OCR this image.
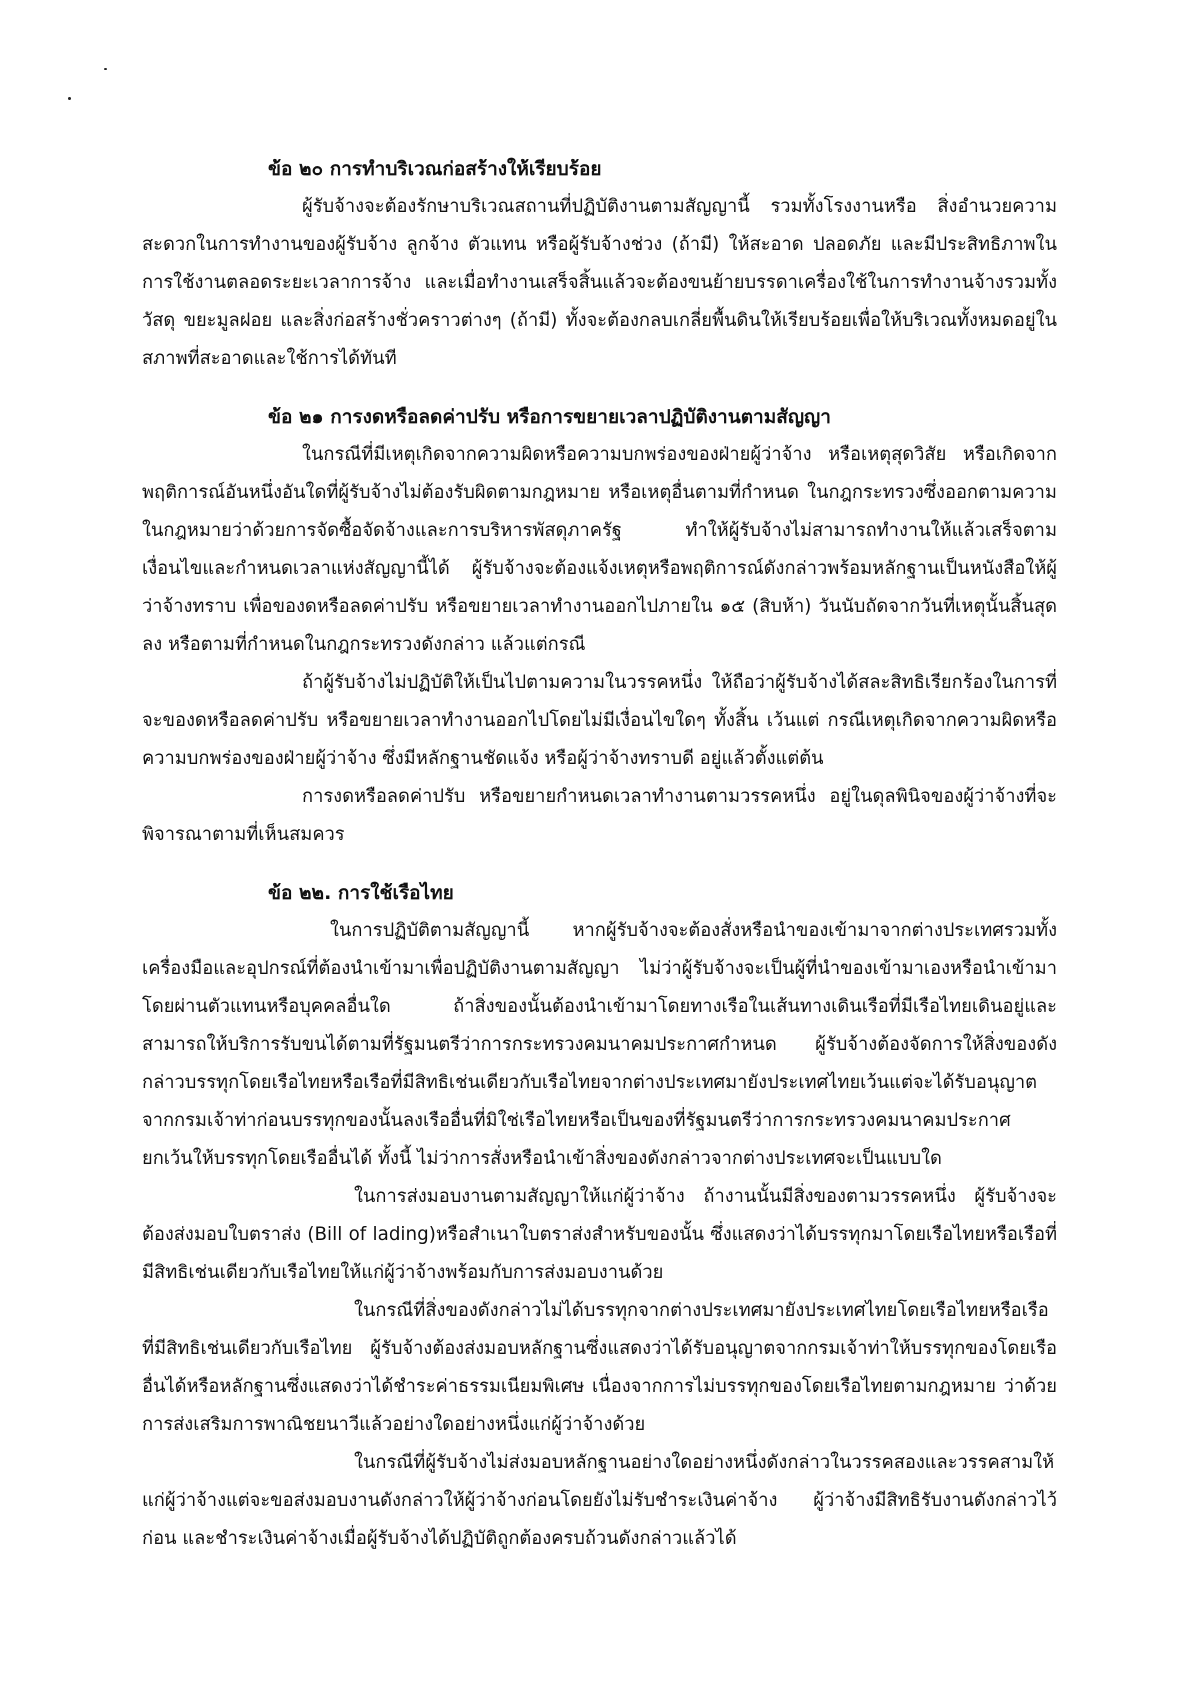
ข้อ ๒๐ การทำบริเวณก่อสร้างให้เรียบร้อย

ผู้รับจ้างจะต้องรักษาบริเวณสถานที่ปฏิบัติงานตามสัญญานี้ รวมทั้งโรงงานหรือ สิ่งอำนวยความสะดวกในการทำงานของผู้รับจ้าง ลูกจ้าง ตัวแทน หรือผู้รับจ้างช่วง (ถ้ามี) ให้สะอาด ปลอดภัย และมีประสิทธิภาพในการใช้งานตลอดระยะเวลาการจ้าง และเมื่อทำงานเสร็จสิ้นแล้วจะต้องขนย้ายบรรดาเครื่องใช้ในการทำงานจ้างรวมทั้งวัสดุ ขยะมูลฝอย และสิ่งก่อสร้างชั่วคราวต่างๆ (ถ้ามี) ทั้งจะต้องกลบเกลี่ยพื้นดินให้เรียบร้อยเพื่อให้บริเวณทั้งหมดอยู่ในสภาพที่สะอาดและใช้การได้ทันที

ข้อ ๒๑ การงดหรือลดค่าปรับ หรือการขยายเวลาปฏิบัติงานตามสัญญา

ในกรณีที่มีเหตุเกิดจากความผิดหรือความบกพร่องของฝ่ายผู้ว่าจ้าง หรือเหตุสุดวิสัย หรือเกิดจากพฤติการณ์อันหนึ่งอันใดที่ผู้รับจ้างไม่ต้องรับผิดตามกฎหมาย หรือเหตุอื่นตามที่กำหนด ในกฎกระทรวงซึ่งออกตามความในกฎหมายว่าด้วยการจัดซื้อจัดจ้างและการบริหารพัสดุภาครัฐ ทำให้ผู้รับจ้างไม่สามารถทำงานให้แล้วเสร็จตามเงื่อนไขและกำหนดเวลาแห่งสัญญานี้ได้ ผู้รับจ้างจะต้องแจ้งเหตุหรือพฤติการณ์ดังกล่าวพร้อมหลักฐานเป็นหนังสือให้ผู้ว่าจ้างทราบ เพื่อของดหรือลดค่าปรับ หรือขยายเวลาทำงานออกไปภายใน ๑๕ (สิบห้า) วันนับถัดจากวันที่เหตุนั้นสิ้นสุดลง หรือตามที่กำหนดในกฎกระทรวงดังกล่าว แล้วแต่กรณี

ถ้าผู้รับจ้างไม่ปฏิบัติให้เป็นไปตามความในวรรคหนึ่ง ให้ถือว่าผู้รับจ้างได้สละสิทธิเรียกร้องในการที่จะของดหรือลดค่าปรับ หรือขยายเวลาทำงานออกไปโดยไม่มีเงื่อนไขใดๆ ทั้งสิ้น เว้นแต่ กรณีเหตุเกิดจากความผิดหรือความบกพร่องของฝ่ายผู้ว่าจ้าง ซึ่งมีหลักฐานชัดแจ้ง หรือผู้ว่าจ้างทราบดี อยู่แล้วตั้งแต่ต้น

การงดหรือลดค่าปรับ หรือขยายกำหนดเวลาทำงานตามวรรคหนึ่ง อยู่ในดุลพินิจของผู้ว่าจ้างที่จะพิจารณาตามที่เห็นสมควร

ข้อ ๒๒. การใช้เรือไทย

ในการปฏิบัติตามสัญญานี้ หากผู้รับจ้างจะต้องสั่งหรือนำของเข้ามาจากต่างประเทศรวมทั้งเครื่องมือและอุปกรณ์ที่ต้องนำเข้ามาเพื่อปฏิบัติงานตามสัญญา ไม่ว่าผู้รับจ้างจะเป็นผู้ที่นำของเข้ามาเองหรือนำเข้ามาโดยผ่านตัวแทนหรือบุคคลอื่นใด ถ้าสิ่งของนั้นต้องนำเข้ามาโดยทางเรือในเส้นทางเดินเรือที่มีเรือไทยเดินอยู่และสามารถให้บริการรับขนได้ตามที่รัฐมนตรีว่าการกระทรวงคมนาคมประกาศกำหนด ผู้รับจ้างต้องจัดการให้สิ่งของดังกล่าวบรรทุกโดยเรือไทยหรือเรือที่มีสิทธิเช่นเดียวกับเรือไทยจากต่างประเทศมายังประเทศไทยเว้นแต่จะได้รับอนุญาตจากกรมเจ้าท่าก่อนบรรทุกของนั้นลงเรืออื่นที่มิใช่เรือไทยหรือเป็นของที่รัฐมนตรีว่าการกระทรวงคมนาคมประกาศยกเว้นให้บรรทุกโดยเรืออื่นได้ ทั้งนี้ ไม่ว่าการสั่งหรือนำเข้าสิ่งของดังกล่าวจากต่างประเทศจะเป็นแบบใด

ในการส่งมอบงานตามสัญญาให้แก่ผู้ว่าจ้าง ถ้างานนั้นมีสิ่งของตามวรรคหนึ่ง ผู้รับจ้างจะต้องส่งมอบใบตราส่ง (Bill of lading)หรือสำเนาใบตราส่งสำหรับของนั้น ซึ่งแสดงว่าได้บรรทุกมาโดยเรือไทยหรือเรือที่มีสิทธิเช่นเดียวกับเรือไทยให้แก่ผู้ว่าจ้างพร้อมกับการส่งมอบงานด้วย

ในกรณีที่สิ่งของดังกล่าวไม่ได้บรรทุกจากต่างประเทศมายังประเทศไทยโดยเรือไทยหรือเรือที่มีสิทธิเช่นเดียวกับเรือไทย ผู้รับจ้างต้องส่งมอบหลักฐานซึ่งแสดงว่าได้รับอนุญาตจากกรมเจ้าท่าให้บรรทุกของโดยเรืออื่นได้หรือหลักฐานซึ่งแสดงว่าได้ชำระค่าธรรมเนียมพิเศษ เนื่องจากการไม่บรรทุกของโดยเรือไทยตามกฎหมาย ว่าด้วยการส่งเสริมการพาณิชยนาวีแล้วอย่างใดอย่างหนึ่งแก่ผู้ว่าจ้างด้วย

ในกรณีที่ผู้รับจ้างไม่ส่งมอบหลักฐานอย่างใดอย่างหนึ่งดังกล่าวในวรรคสองและวรรคสามให้แก่ผู้ว่าจ้างแต่จะขอส่งมอบงานดังกล่าวให้ผู้ว่าจ้างก่อนโดยยังไม่รับชำระเงินค่าจ้าง ผู้ว่าจ้างมีสิทธิรับงานดังกล่าวไว้ก่อน และชำระเงินค่าจ้างเมื่อผู้รับจ้างได้ปฏิบัติถูกต้องครบถ้วนดังกล่าวแล้วได้
